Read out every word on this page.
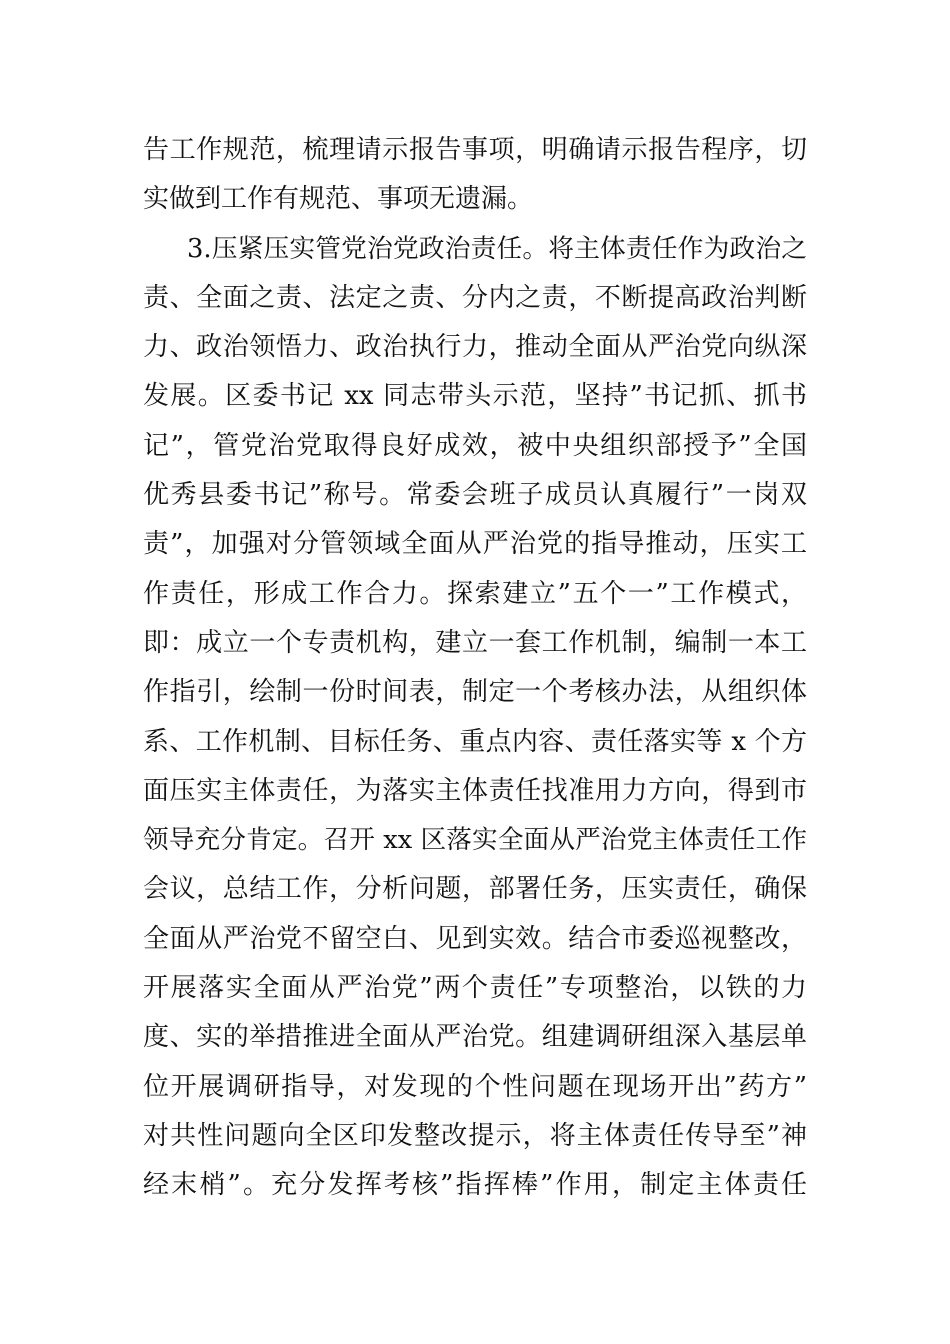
告工作规范，梳理请示报告事项，明确请示报告程序，切
实做到工作有规范、事项无遗漏。
3.压紧压实管党治党政治责任。将主体责任作为政治之
责、全面之责、法定之责、分内之责，不断提高政治判断
力、政治领悟力、政治执行力，推动全面从严治党向纵深
发展。区委书记 xx 同志带头示范，坚持”书记抓、抓书
记”，管党治党取得良好成效，被中央组织部授予”全国
优秀县委书记”称号。常委会班子成员认真履行”一岗双
责”，加强对分管领域全面从严治党的指导推动，压实工
作责任，形成工作合力。探索建立”五个一”工作模式，
即：成立一个专责机构，建立一套工作机制，编制一本工
作指引，绘制一份时间表，制定一个考核办法，从组织体
系、工作机制、目标任务、重点内容、责任落实等 x 个方
面压实主体责任，为落实主体责任找准用力方向，得到市
领导充分肯定。召开 xx 区落实全面从严治党主体责任工作
会议，总结工作，分析问题，部署任务，压实责任，确保
全面从严治党不留空白、见到实效。结合市委巡视整改，
开展落实全面从严治党”两个责任”专项整治，以铁的力
度、实的举措推进全面从严治党。组建调研组深入基层单
位开展调研指导，对发现的个性问题在现场开出”药方”
对共性问题向全区印发整改提示，将主体责任传导至”神
经末梢”。充分发挥考核”指挥棒”作用，制定主体责任
